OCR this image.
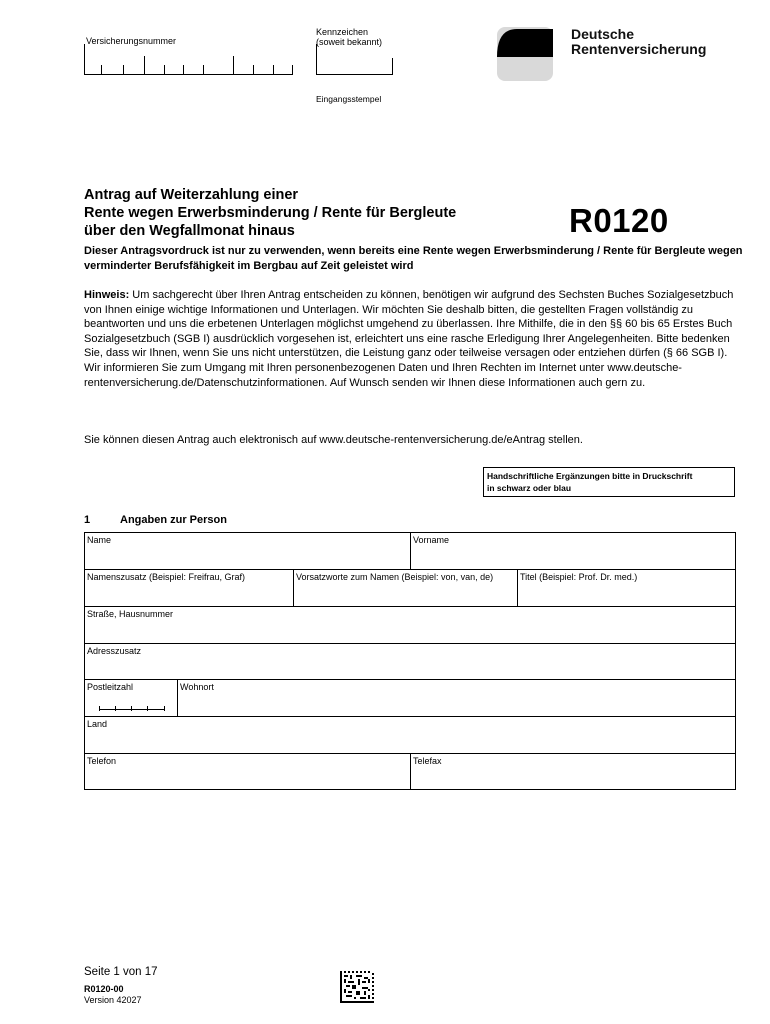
Versicherungsnummer
Kennzeichen
(soweit bekannt)
Eingangsstempel
Deutsche
Rentenversicherung
Antrag auf Weiterzahlung einer
Rente wegen Erwerbsminderung / Rente für Bergleute
über den Wegfallmonat hinaus	R0120
Dieser Antragsvordruck ist nur zu verwenden, wenn bereits eine Rente wegen Erwerbsminderung / Rente für Bergleute wegen verminderter Berufsfähigkeit im Bergbau auf Zeit geleistet wird
Hinweis: Um sachgerecht über Ihren Antrag entscheiden zu können, benötigen wir aufgrund des Sechsten Buches Sozialgesetzbuch von Ihnen einige wichtige Informationen und Unterlagen. Wir möchten Sie deshalb bitten, die gestellten Fragen vollständig zu beantworten und uns die erbetenen Unterlagen möglichst umgehend zu überlassen. Ihre Mithilfe, die in den §§ 60 bis 65 Erstes Buch Sozialgesetzbuch (SGB I) ausdrücklich vorgesehen ist, erleichtert uns eine rasche Erledigung Ihrer Angelegenheiten. Bitte bedenken Sie, dass wir Ihnen, wenn Sie uns nicht unterstützen, die Leistung ganz oder teilweise versagen oder entziehen dürfen (§ 66 SGB I). Wir informieren Sie zum Umgang mit Ihren personenbezogenen Daten und Ihren Rechten im Internet unter www.deutsche-rentenversicherung.de/Datenschutzinformationen. Auf Wunsch senden wir Ihnen diese Informationen auch gern zu.
Sie können diesen Antrag auch elektronisch auf www.deutsche-rentenversicherung.de/eAntrag stellen.
Handschriftliche Ergänzungen bitte in Druckschrift
in schwarz oder blau
1	Angaben zur Person
Name	Vorname
Namenszusatz (Beispiel: Freifrau, Graf)	Vorsatzworte zum Namen (Beispiel: von, van, de)	Titel (Beispiel: Prof. Dr. med.)
Straße, Hausnummer
Adresszusatz
Postleitzahl	Wohnort
Land
Telefon	Telefax
Seite 1 von 17
R0120-00
Version 42027
